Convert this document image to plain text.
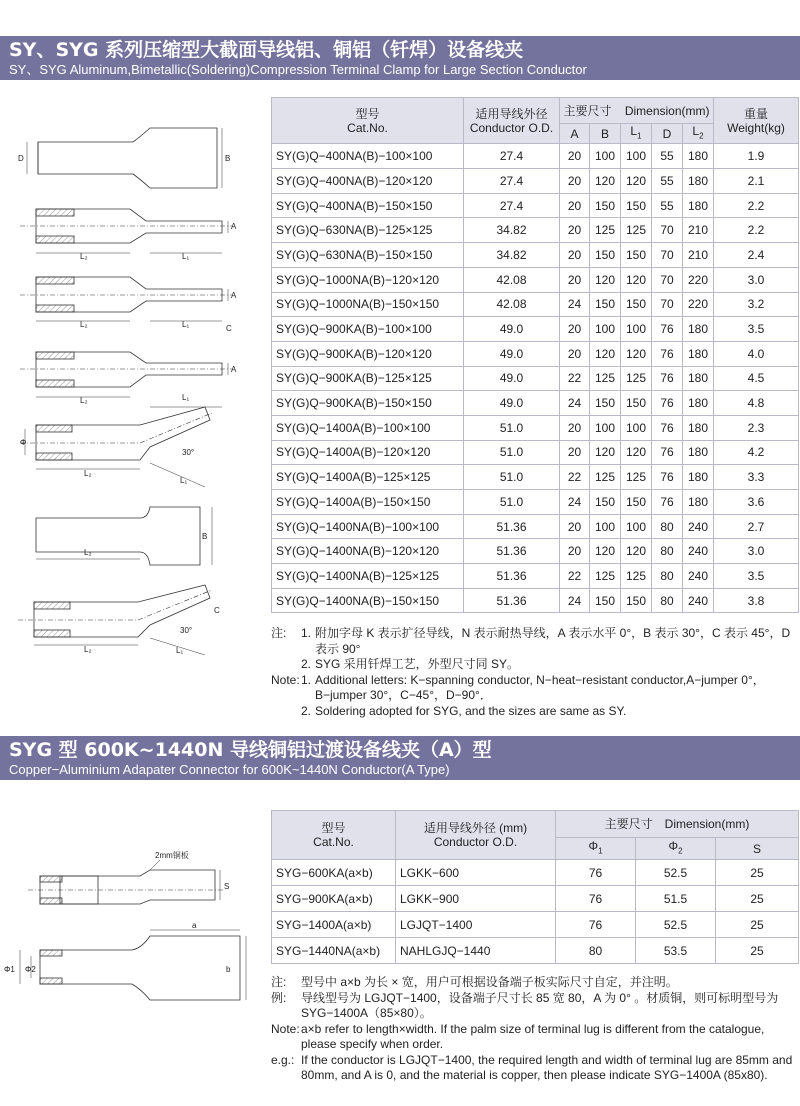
SY、SYG 系列压缩型大截面导线铝、铜铝（钎焊）设备线夹
SY、SYG Aluminum,Bimetallic(Soldering)Compression Terminal Clamp for Large Section Conductor
D	B
L₂	L₁
A
L₂	L₁
A
C
L₂	L₁
A
Φ
30°
L₂
L₁
L₂
B
30°
C
L₂	L₁
型号
Cat.No.	适用导线外径
Conductor O.D.	主要尺寸 Dimension(mm)					重量
Weight(kg)
		A	B	$L_1$	D	$L_2$
SY(G)Q−400NA(B)−100×100	27.4	20	100	100	55	180	1.9
SY(G)Q−400NA(B)−120×120	27.4	20	120	120	55	180	2.1
SY(G)Q−400NA(B)−150×150	27.4	20	150	150	55	180	2.2
SY(G)Q−630NA(B)−125×125	34.82	20	125	125	70	210	2.2
SY(G)Q−630NA(B)−150×150	34.82	20	150	150	70	210	2.4
SY(G)Q−1000NA(B)−120×120	42.08	20	120	120	70	220	3.0
SY(G)Q−1000NA(B)−150×150	42.08	24	150	150	70	220	3.2
SY(G)Q−900KA(B)−100×100	49.0	20	100	100	76	180	3.5
SY(G)Q−900KA(B)−120×120	49.0	20	120	120	76	180	4.0
SY(G)Q−900KA(B)−125×125	49.0	22	125	125	76	180	4.5
SY(G)Q−900KA(B)−150×150	49.0	24	150	150	76	180	4.8
SY(G)Q−1400A(B)−100×100	51.0	20	100	100	76	180	2.3
SY(G)Q−1400A(B)−120×120	51.0	20	120	120	76	180	4.2
SY(G)Q−1400A(B)−125×125	51.0	22	125	125	76	180	3.3
SY(G)Q−1400A(B)−150×150	51.0	24	150	150	76	180	3.6
SY(G)Q−1400NA(B)−100×100	51.36	20	100	100	80	240	2.7
SY(G)Q−1400NA(B)−120×120	51.36	20	120	120	80	240	3.0
SY(G)Q−1400NA(B)−125×125	51.36	22	125	125	80	240	3.5
SY(G)Q−1400NA(B)−150×150	51.36	24	150	150	80	240	3.8
注:	1. 附加字母 K 表示扩径导线，N 表示耐热导线，A 表示水平 0°，B 表示 30°，C 表示 45°，D 表示 90°
2. SYG 采用钎焊工艺，外型尺寸同 SY。
Note: 1. Additional letters: K−spanning conductor, N−heat−resistant conductor,A−jumper 0°，B−jumper 30°，C−45°，D−90°．
2. Soldering adopted for SYG, and the sizes are same as SY.
SYG 型 600K~1440N 导线铜铝过渡设备线夹（A）型
Copper−Aluminium Adapater Connector for 600K~1440N Conductor(A Type)
2mm铜板
S
a
b
Φ1 Φ2
型号
Cat.No.	适用导线外径 (mm)
Conductor O.D.	主要尺寸　Dimension(mm)		
		$\Phi_1$	$\Phi_2$	S
SYG−600KA(a×b)	LGKK−600	76	52.5	25
SYG−900KA(a×b)	LGKK−900	76	51.5	25
SYG−1400A(a×b)	LGJQT−1400	76	52.5	25
SYG−1440NA(a×b)	NAHLGJQ−1440	80	53.5	25
注:	型号中 a×b 为长 × 宽，用户可根据设备端子板实际尺寸自定，并注明。
例:	导线型号为 LGJQT−1400，设备端子尺寸长 85 宽 80，A 为 0° 。材质铜，则可标明型号为 SYG−1400A（85×80）。
Note: a×b refer to length×width. If the palm size of terminal lug is different from the catalogue, please specify when order.
e.g.: If the conductor is LGJQT−1400, the required length and width of terminal lug are 85mm and 80mm, and A is 0, and the material is copper, then please indicate SYG−1400A (85x80).
